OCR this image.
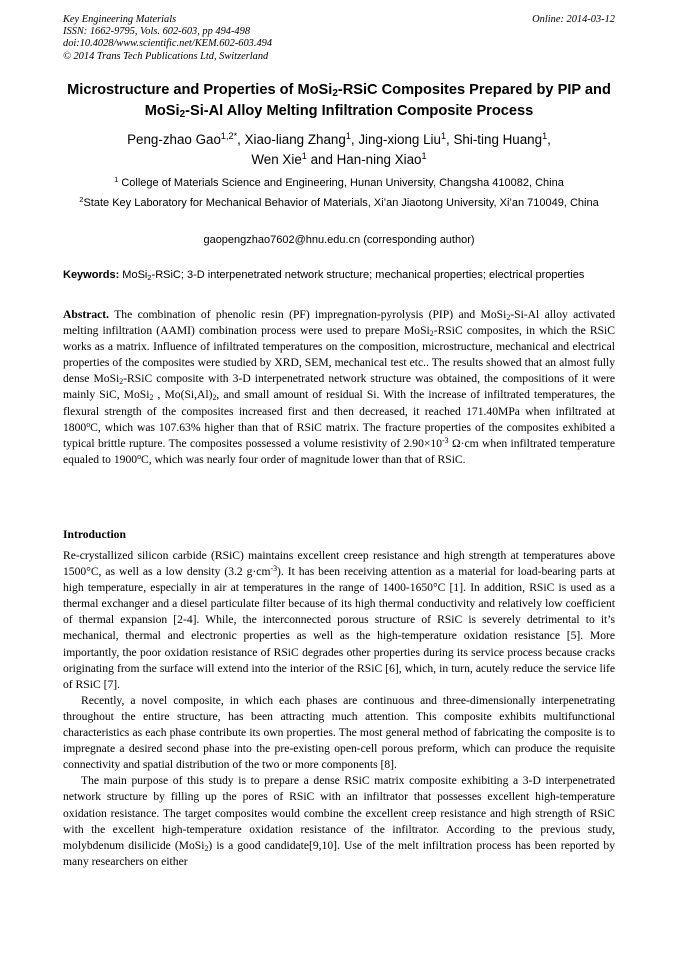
Key Engineering Materials
ISSN: 1662-9795, Vols. 602-603, pp 494-498
doi:10.4028/www.scientific.net/KEM.602-603.494
© 2014 Trans Tech Publications Ltd, Switzerland
Online: 2014-03-12
Microstructure and Properties of MoSi$_2$-RSiC Composites Prepared by PIP and MoSi$_2$-Si-Al Alloy Melting Infiltration Composite Process
Peng-zhao Gao$^{1,2*}$, Xiao-liang Zhang$^1$, Jing-xiong Liu$^1$, Shi-ting Huang$^1$,
Wen Xie$^1$ and Han-ning Xiao$^1$
$^1$ College of Materials Science and Engineering, Hunan University, Changsha 410082, China
$^2$State Key Laboratory for Mechanical Behavior of Materials, Xi’an Jiaotong University, Xi’an 710049, China
gaopengzhao7602@hnu.edu.cn (corresponding author)
Keywords: MoSi$_2$-RSiC; 3-D interpenetrated network structure; mechanical properties; electrical properties
Abstract. The combination of phenolic resin (PF) impregnation-pyrolysis (PIP) and MoSi$_2$-Si-Al alloy activated melting infiltration (AAMI) combination process were used to prepare MoSi$_2$-RSiC composites, in which the RSiC works as a matrix. Influence of infiltrated temperatures on the composition, microstructure, mechanical and electrical properties of the composites were studied by XRD, SEM, mechanical test etc.. The results showed that an almost fully dense MoSi$_2$-RSiC composite with 3-D interpenetrated network structure was obtained, the compositions of it were mainly SiC, MoSi$_2$ , $Mo(Si,Al)_2$, and small amount of residual Si. With the increase of infiltrated temperatures, the flexural strength of the composites increased first and then decreased, it reached 171.40MPa when infiltrated at 1800$^o$C, which was 107.63% higher than that of RSiC matrix. The fracture properties of the composites exhibited a typical brittle rupture. The composites possessed a volume resistivity of $2.90\times 10^{-3}$ Ω·cm when infiltrated temperature equaled to 1900$^o$C, which was nearly four order of magnitude lower than that of RSiC.
Introduction

Re-crystallized silicon carbide (RSiC) maintains excellent creep resistance and high strength at temperatures above 1500°C, as well as a low density (3.2 $g\cdot cm^{-3}$). It has been receiving attention as a material for load-bearing parts at high temperature, especially in air at temperatures in the range of 1400-1650°C [1]. In addition, RSiC is used as a thermal exchanger and a diesel particulate filter because of its high thermal conductivity and relatively low coefficient of thermal expansion [2-4]. While, the interconnected porous structure of RSiC is severely detrimental to it’s mechanical, thermal and electronic properties as well as the high-temperature oxidation resistance [5]. More importantly, the poor oxidation resistance of RSiC degrades other properties during its service process because cracks originating from the surface will extend into the interior of the RSiC [6], which, in turn, acutely reduce the service life of RSiC [7].

Recently, a novel composite, in which each phases are continuous and three-dimensionally interpenetrating throughout the entire structure, has been attracting much attention. This composite exhibits multifunctional characteristics as each phase contribute its own properties. The most general method of fabricating the composite is to impregnate a desired second phase into the pre-existing open-cell porous preform, which can produce the requisite connectivity and spatial distribution of the two or more components [8].

The main purpose of this study is to prepare a dense RSiC matrix composite exhibiting a 3-D interpenetrated network structure by filling up the pores of RSiC with an infiltrator that possesses excellent high-temperature oxidation resistance. The target composites would combine the excellent creep resistance and high strength of RSiC with the excellent high-temperature oxidation resistance of the infiltrator. According to the previous study, molybdenum disilicide (MoSi$_2$) is a good candidate[9,10]. Use of the melt infiltration process has been reported by many researchers on either
